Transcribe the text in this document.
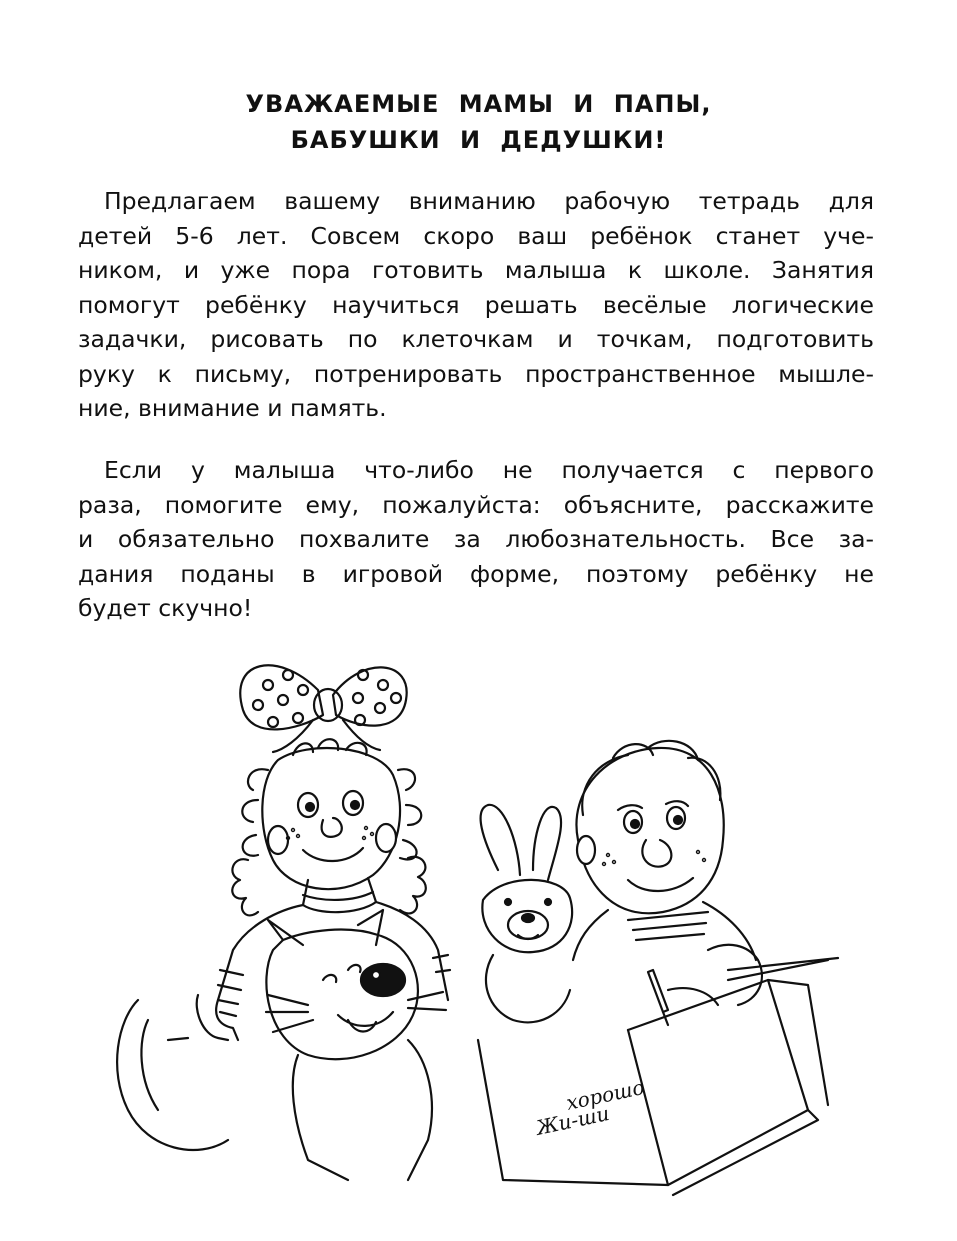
УВАЖАЕМЫЕ МАМЫ И ПАПЫ,
БАБУШКИ И ДЕДУШКИ!
Предлагаем вашему вниманию рабочую тетрадь для
детей 5-6 лет. Совсем скоро ваш ребёнок станет уче-
ником, и уже пора готовить малыша к школе. Занятия
помогут ребёнку научиться решать весёлые логические
задачки, рисовать по клеточкам и точкам, подготовить
руку к письму, потренировать пространственное мышле-
ние, внимание и память.
Если у малыша что-либо не получается с первого
раза, помогите ему, пожалуйста: объясните, расскажите
и обязательно похвалите за любознательность. Все за-
дания поданы в игровой форме, поэтому ребёнку не
будет скучно!
Жи-ши
хорошо
